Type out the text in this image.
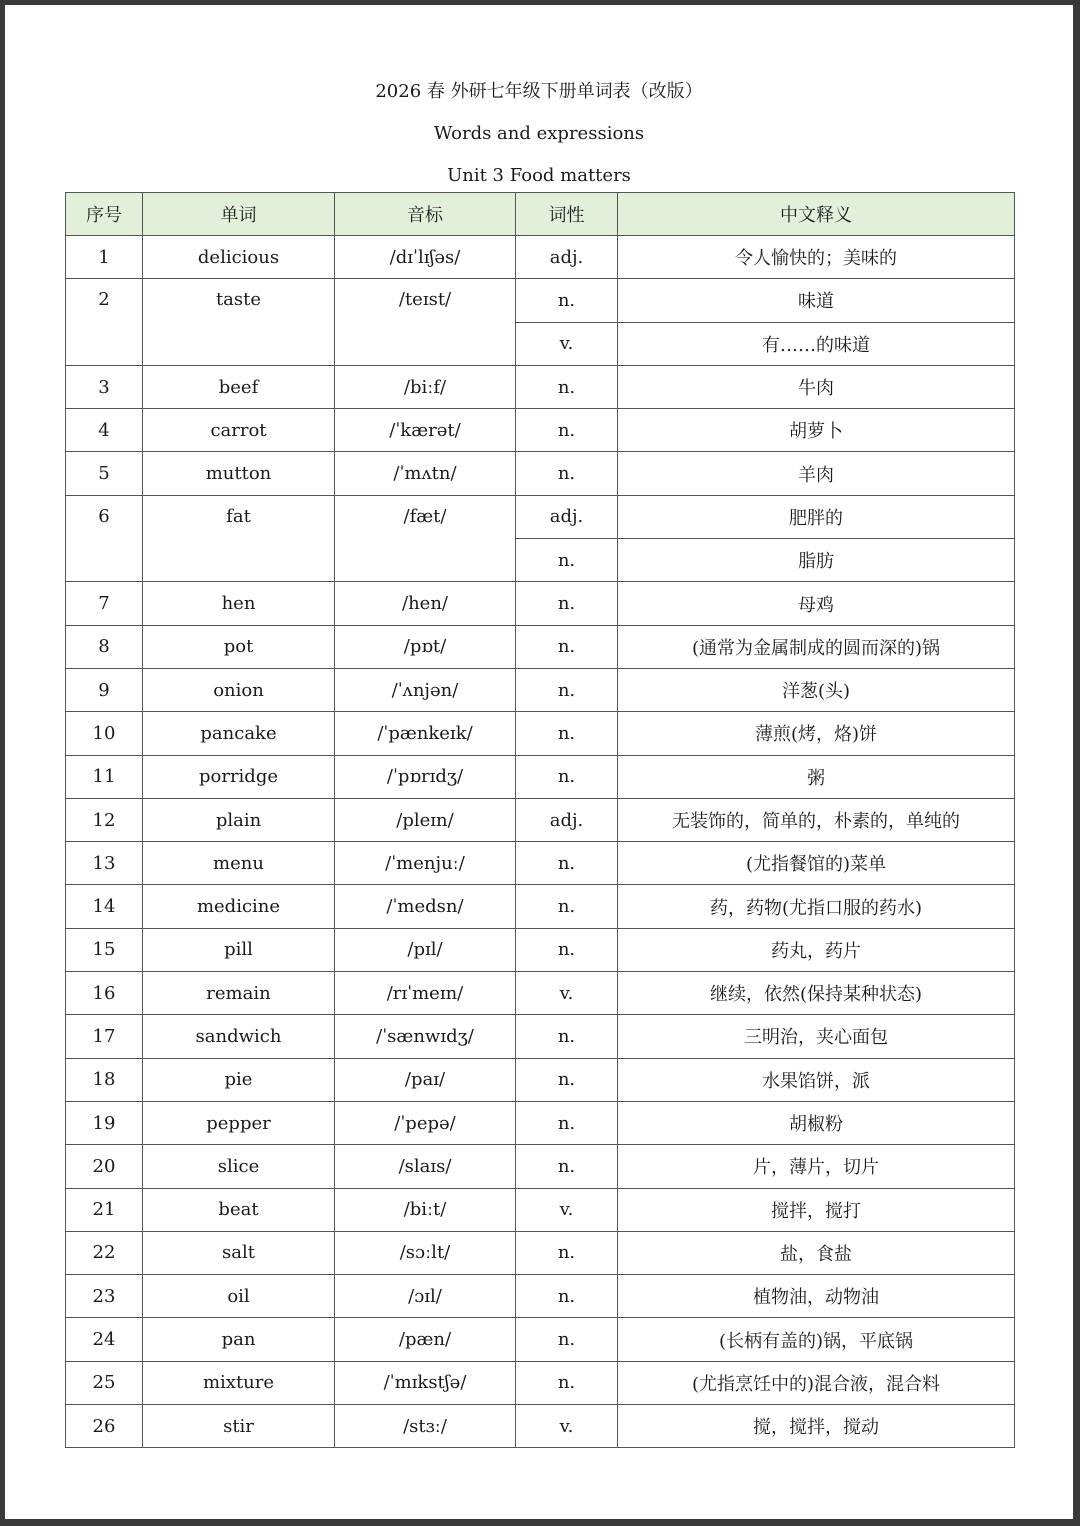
2026 春 外研七年级下册单词表（改版）
Words and expressions
Unit 3 Food matters
序号	单词	音标	词性	中文释义
1	delicious	/dɪˈlɪʃəs/	adj.	令人愉快的；美味的
2	taste	/teɪst/	n.	味道
			v.	有……的味道
3	beef	/biːf/	n.	牛肉
4	carrot	/ˈkærət/	n.	胡萝卜
5	mutton	/ˈmʌtn/	n.	羊肉
6	fat	/fæt/	adj.	肥胖的
			n.	脂肪
7	hen	/hen/	n.	母鸡
8	pot	/pɒt/	n.	(通常为金属制成的圆而深的)锅
9	onion	/ˈʌnjən/	n.	洋葱(头)
10	pancake	/ˈpænkeɪk/	n.	薄煎(烤，烙)饼
11	porridge	/ˈpɒrɪdʒ/	n.	粥
12	plain	/pleɪn/	adj.	无装饰的，简单的，朴素的，单纯的
13	menu	/ˈmenjuː/	n.	(尤指餐馆的)菜单
14	medicine	/ˈmedsn/	n.	药，药物(尤指口服的药水)
15	pill	/pɪl/	n.	药丸，药片
16	remain	/rɪˈmeɪn/	v.	继续，依然(保持某种状态)
17	sandwich	/ˈsænwɪdʒ/	n.	三明治，夹心面包
18	pie	/paɪ/	n.	水果馅饼，派
19	pepper	/ˈpepə/	n.	胡椒粉
20	slice	/slaɪs/	n.	片，薄片，切片
21	beat	/biːt/	v.	搅拌，搅打
22	salt	/sɔːlt/	n.	盐，食盐
23	oil	/ɔɪl/	n.	植物油，动物油
24	pan	/pæn/	n.	(长柄有盖的)锅，平底锅
25	mixture	/ˈmɪkstʃə/	n.	(尤指烹饪中的)混合液，混合料
26	stir	/stɜː/	v.	搅，搅拌，搅动
